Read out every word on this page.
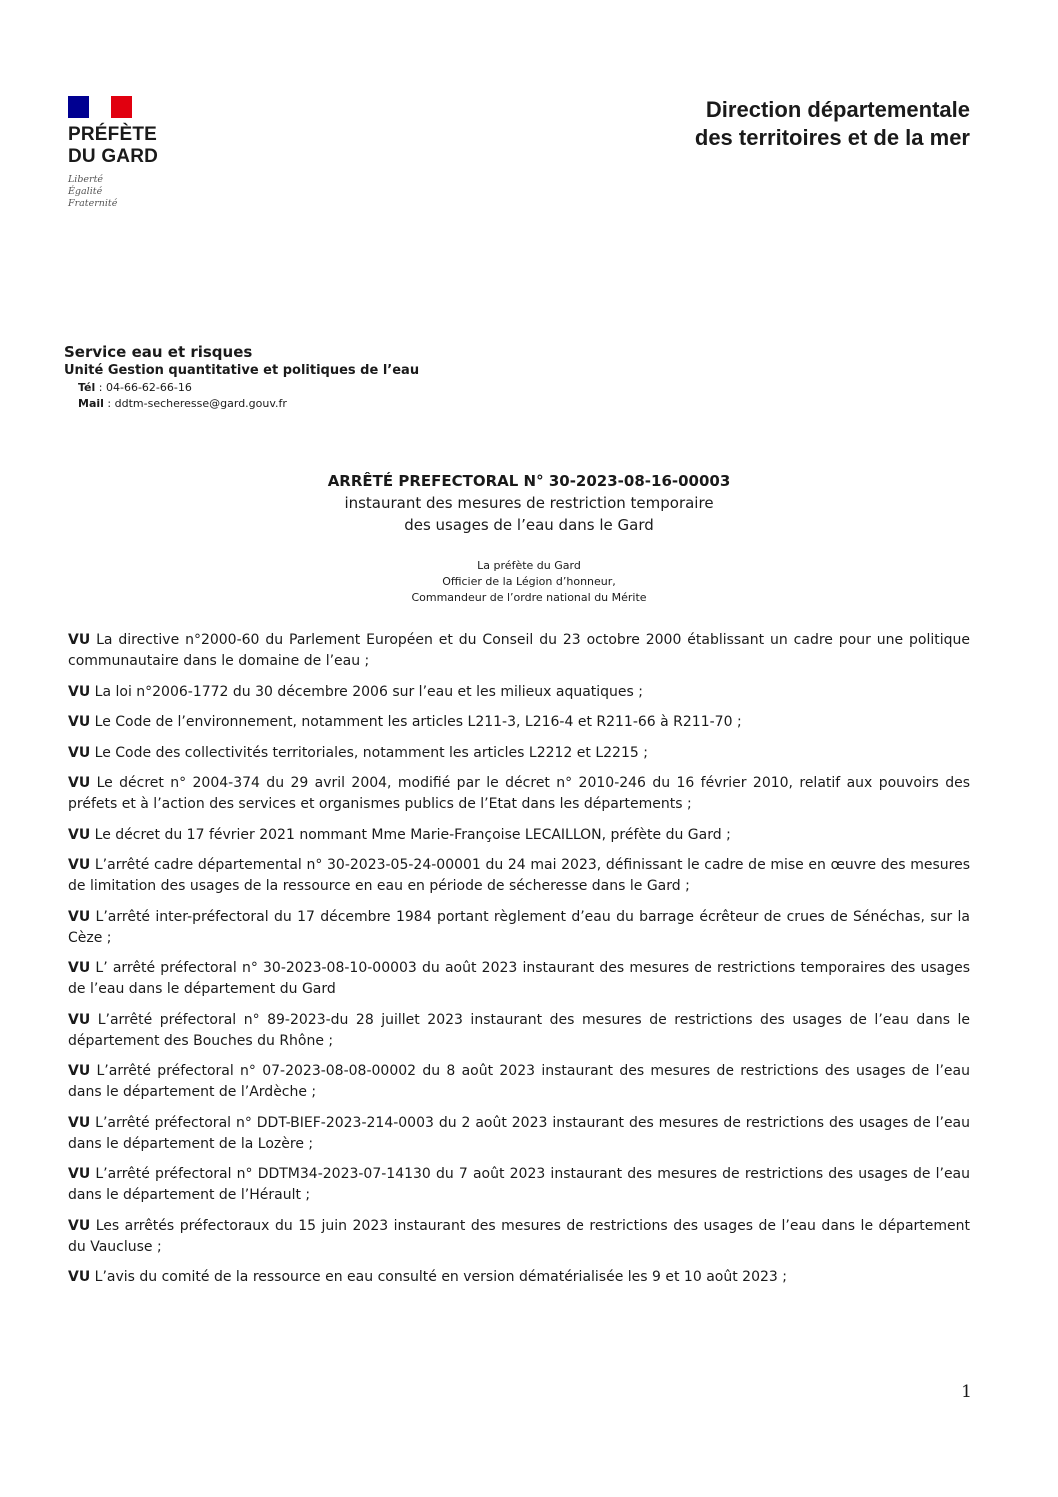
PRÉFÈTE
DU GARD
Liberté
Égalité
Fraternité
Direction départementale
des territoires et de la mer
Service eau et risques
Unité Gestion quantitative et politiques de l’eau
Tél : 04-66-62-66-16
Mail : ddtm-secheresse@gard.gouv.fr
ARRÊTÉ PREFECTORAL N° 30-2023-08-16-00003
instaurant des mesures de restriction temporaire
des usages de l’eau dans le Gard
La préfète du Gard
Officier de la Légion d’honneur,
Commandeur de l’ordre national du Mérite

VU La directive n°2000-60 du Parlement Européen et du Conseil du 23 octobre 2000 établissant un cadre pour une politique communautaire dans le domaine de l’eau ;

VU La loi n°2006-1772 du 30 décembre 2006 sur l’eau et les milieux aquatiques ;

VU Le Code de l’environnement, notamment les articles L211-3, L216-4 et R211-66 à R211-70 ;

VU Le Code des collectivités territoriales, notamment les articles L2212 et L2215 ;

VU Le décret n° 2004-374 du 29 avril 2004, modifié par le décret n° 2010-246 du 16 février 2010, relatif aux pouvoirs des préfets et à l’action des services et organismes publics de l’Etat dans les départements ;

VU Le décret du 17 février 2021 nommant Mme Marie-Françoise LECAILLON, préfète du Gard ;

VU L’arrêté cadre départemental n° 30-2023-05-24-00001 du 24 mai 2023, définissant le cadre de mise en œuvre des mesures de limitation des usages de la ressource en eau en période de sécheresse dans le Gard ;

VU L’arrêté inter-préfectoral du 17 décembre 1984 portant règlement d’eau du barrage écrêteur de crues de Sénéchas, sur la Cèze ;

VU L’ arrêté préfectoral n° 30-2023-08-10-00003 du août 2023 instaurant des mesures de restrictions temporaires des usages de l’eau dans le département du Gard

VU L’arrêté préfectoral n° 89-2023-du 28 juillet 2023 instaurant des mesures de restrictions des usages de l’eau dans le département des Bouches du Rhône ;

VU L’arrêté préfectoral n° 07-2023-08-08-00002 du 8 août 2023 instaurant des mesures de restrictions des usages de l’eau dans le département de l’Ardèche ;

VU L’arrêté préfectoral n° DDT-BIEF-2023-214-0003 du 2 août 2023 instaurant des mesures de restrictions des usages de l’eau dans le département de la Lozère ;

VU L’arrêté préfectoral n° DDTM34-2023-07-14130 du 7 août 2023 instaurant des mesures de restrictions des usages de l’eau dans le département de l’Hérault ;

VU Les arrêtés préfectoraux du 15 juin 2023 instaurant des mesures de restrictions des usages de l’eau dans le département du Vaucluse ;

VU L’avis du comité de la ressource en eau consulté en version dématérialisée les 9 et 10 août 2023 ;

1
